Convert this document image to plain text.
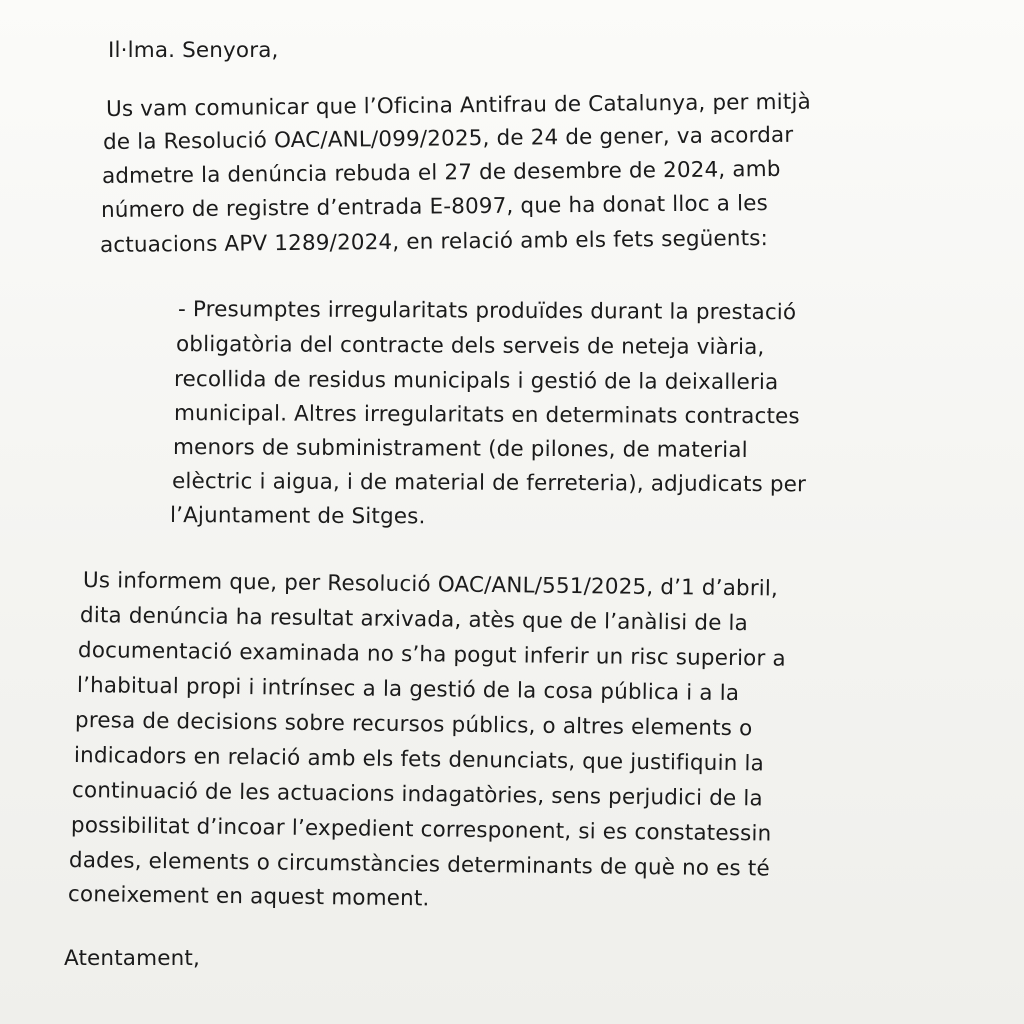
Il·lma. Senyora,
Us vam comunicar que l’Oficina Antifrau de Catalunya, per mitjà
de la Resolució OAC/ANL/099/2025, de 24 de gener, va acordar
admetre la denúncia rebuda el 27 de desembre de 2024, amb
número de registre d’entrada E-8097, que ha donat lloc a les
actuacions APV 1289/2024, en relació amb els fets següents:
- Presumptes irregularitats produïdes durant la prestació
obligatòria del contracte dels serveis de neteja viària,
recollida de residus municipals i gestió de la deixalleria
municipal. Altres irregularitats en determinats contractes
menors de subministrament (de pilones, de material
elèctric i aigua, i de material de ferreteria), adjudicats per
l’Ajuntament de Sitges.
Us informem que, per Resolució OAC/ANL/551/2025, d’1 d’abril,
dita denúncia ha resultat arxivada, atès que de l’anàlisi de la
documentació examinada no s’ha pogut inferir un risc superior a
l’habitual propi i intrínsec a la gestió de la cosa pública i a la
presa de decisions sobre recursos públics, o altres elements o
indicadors en relació amb els fets denunciats, que justifiquin la
continuació de les actuacions indagatòries, sens perjudici de la
possibilitat d’incoar l’expedient corresponent, si es constatessin
dades, elements o circumstàncies determinants de què no es té
coneixement en aquest moment.
Atentament,
